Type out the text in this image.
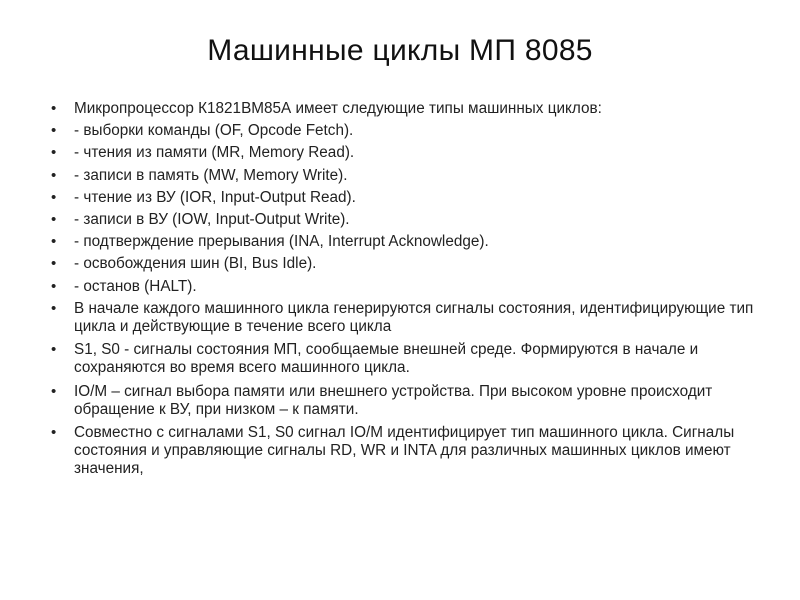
Машинные циклы МП 8085
• Микропроцессор К1821ВМ85А имеет следующие типы машинных циклов:
• - выборки команды (OF, Opcode Fetch).
• - чтения из памяти (MR, Memory Read).
• - записи в память (MW, Memory Write).
• - чтение из ВУ (IOR, Input-Output Read).
• - записи в ВУ (IOW, Input-Output Write).
• - подтверждение прерывания (INA, Interrupt Acknowledge).
• - освобождения шин (BI, Bus Idle).
• - останов (HALT).
• В начале каждого машинного цикла генерируются сигналы состояния, идентифицирующие тип цикла и действующие в течение всего цикла
• S1, S0 - сигналы состояния МП, сообщаемые внешней среде. Формируются в начале и сохраняются во время всего машинного цикла.
• IO/M – сигнал выбора памяти или внешнего устройства. При высоком уровне происходит обращение к ВУ, при низком – к памяти.
• Совместно с сигналами S1, S0 сигнал IO/M идентифицирует тип машинного цикла. Сигналы состояния и управляющие сигналы RD, WR и INTA для различных машинных циклов имеют значения,
